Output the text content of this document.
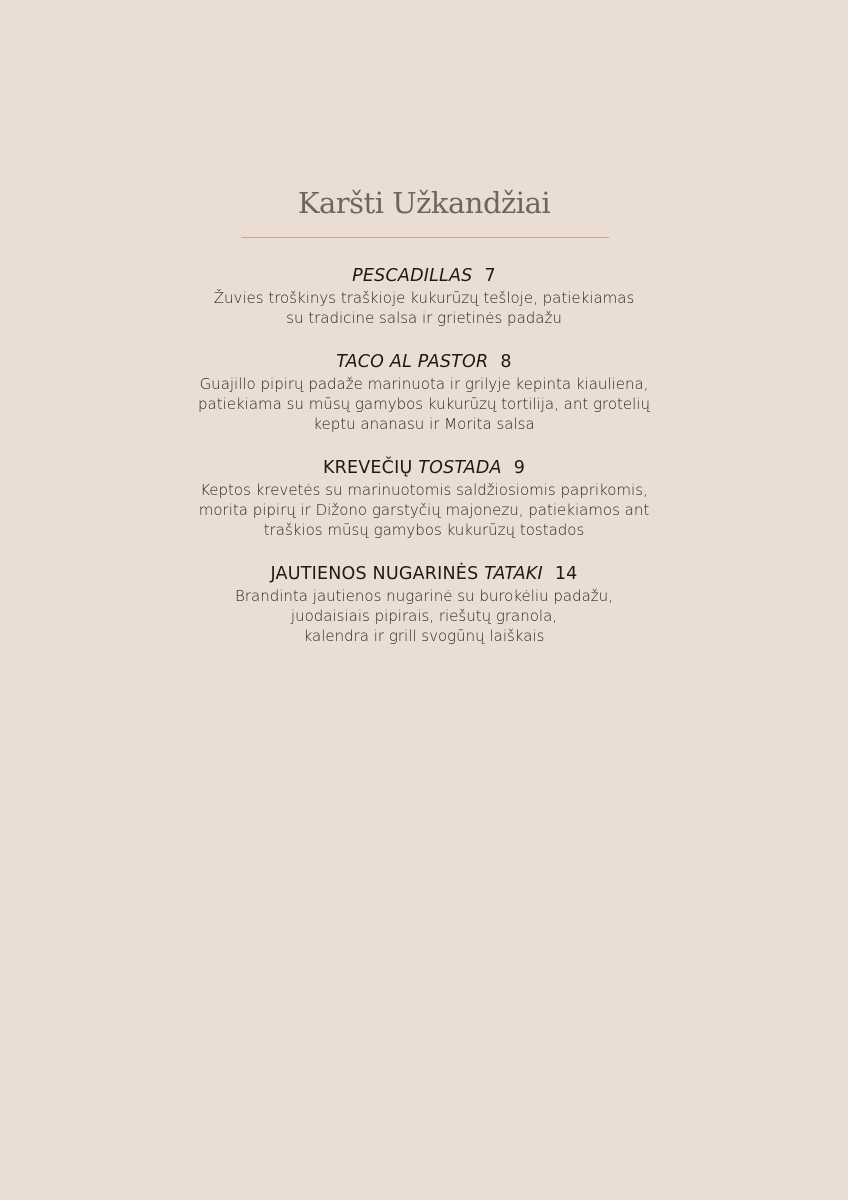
Karšti Užkandžiai
PESCADILLAS 7
Žuvies troškinys traškioje kukurūzų tešloje, patiekiamas
su tradicine salsa ir grietinės padažu
TACO AL PASTOR 8
Guajillo pipirų padaže marinuota ir grilyje kepinta kiauliena,
patiekiama su mūsų gamybos kukurūzų tortilija, ant grotelių
keptu ananasu ir Morita salsa
KREVEČIŲ TOSTADA 9
Keptos krevetės su marinuotomis saldžiosiomis paprikomis,
morita pipirų ir Dižono garstyčių majonezu, patiekiamos ant
traškios mūsų gamybos kukurūzų tostados
JAUTIENOS NUGARINĖS TATAKI 14
Brandinta jautienos nugarinė su burokėliu padažu,
juodaisiais pipirais, riešutų granola,
kalendra ir grill svogūnų laiškais
